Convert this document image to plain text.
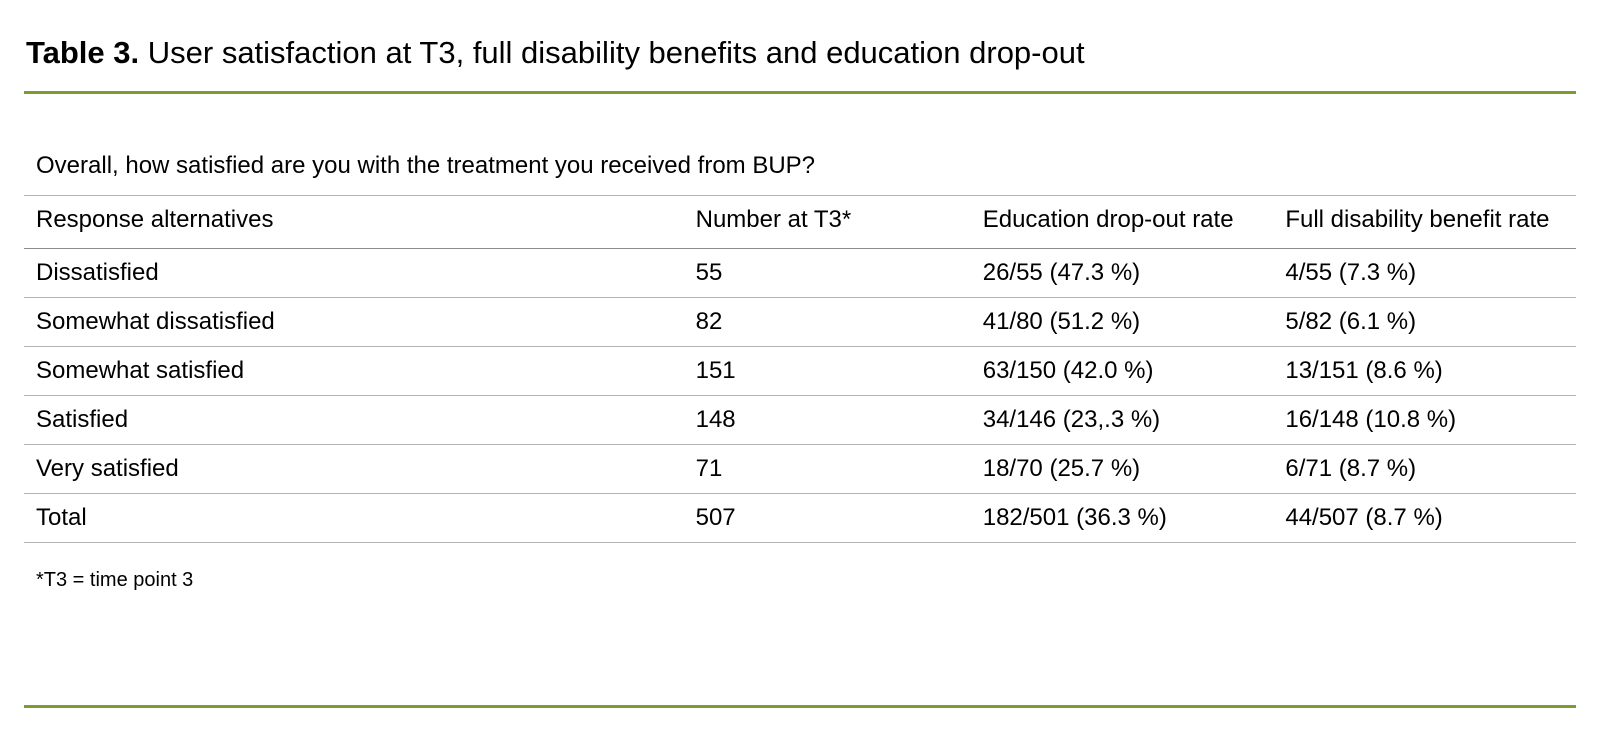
Table 3. User satisfaction at T3, full disability benefits and education drop-out
Overall, how satisfied are you with the treatment you received from BUP?
Response alternatives	Number at T3*	Education drop-out rate	Full disability benefit rate
Dissatisfied	55	26/55 (47.3 %)	4/55 (7.3 %)
Somewhat dissatisfied	82	41/80 (51.2 %)	5/82 (6.1 %)
Somewhat satisfied	151	63/150 (42.0 %)	13/151 (8.6 %)
Satisfied	148	34/146 (23,.3 %)	16/148 (10.8 %)
Very satisfied	71	18/70 (25.7 %)	6/71 (8.7 %)
Total	507	182/501 (36.3 %)	44/507 (8.7 %)
*T3 = time point 3
